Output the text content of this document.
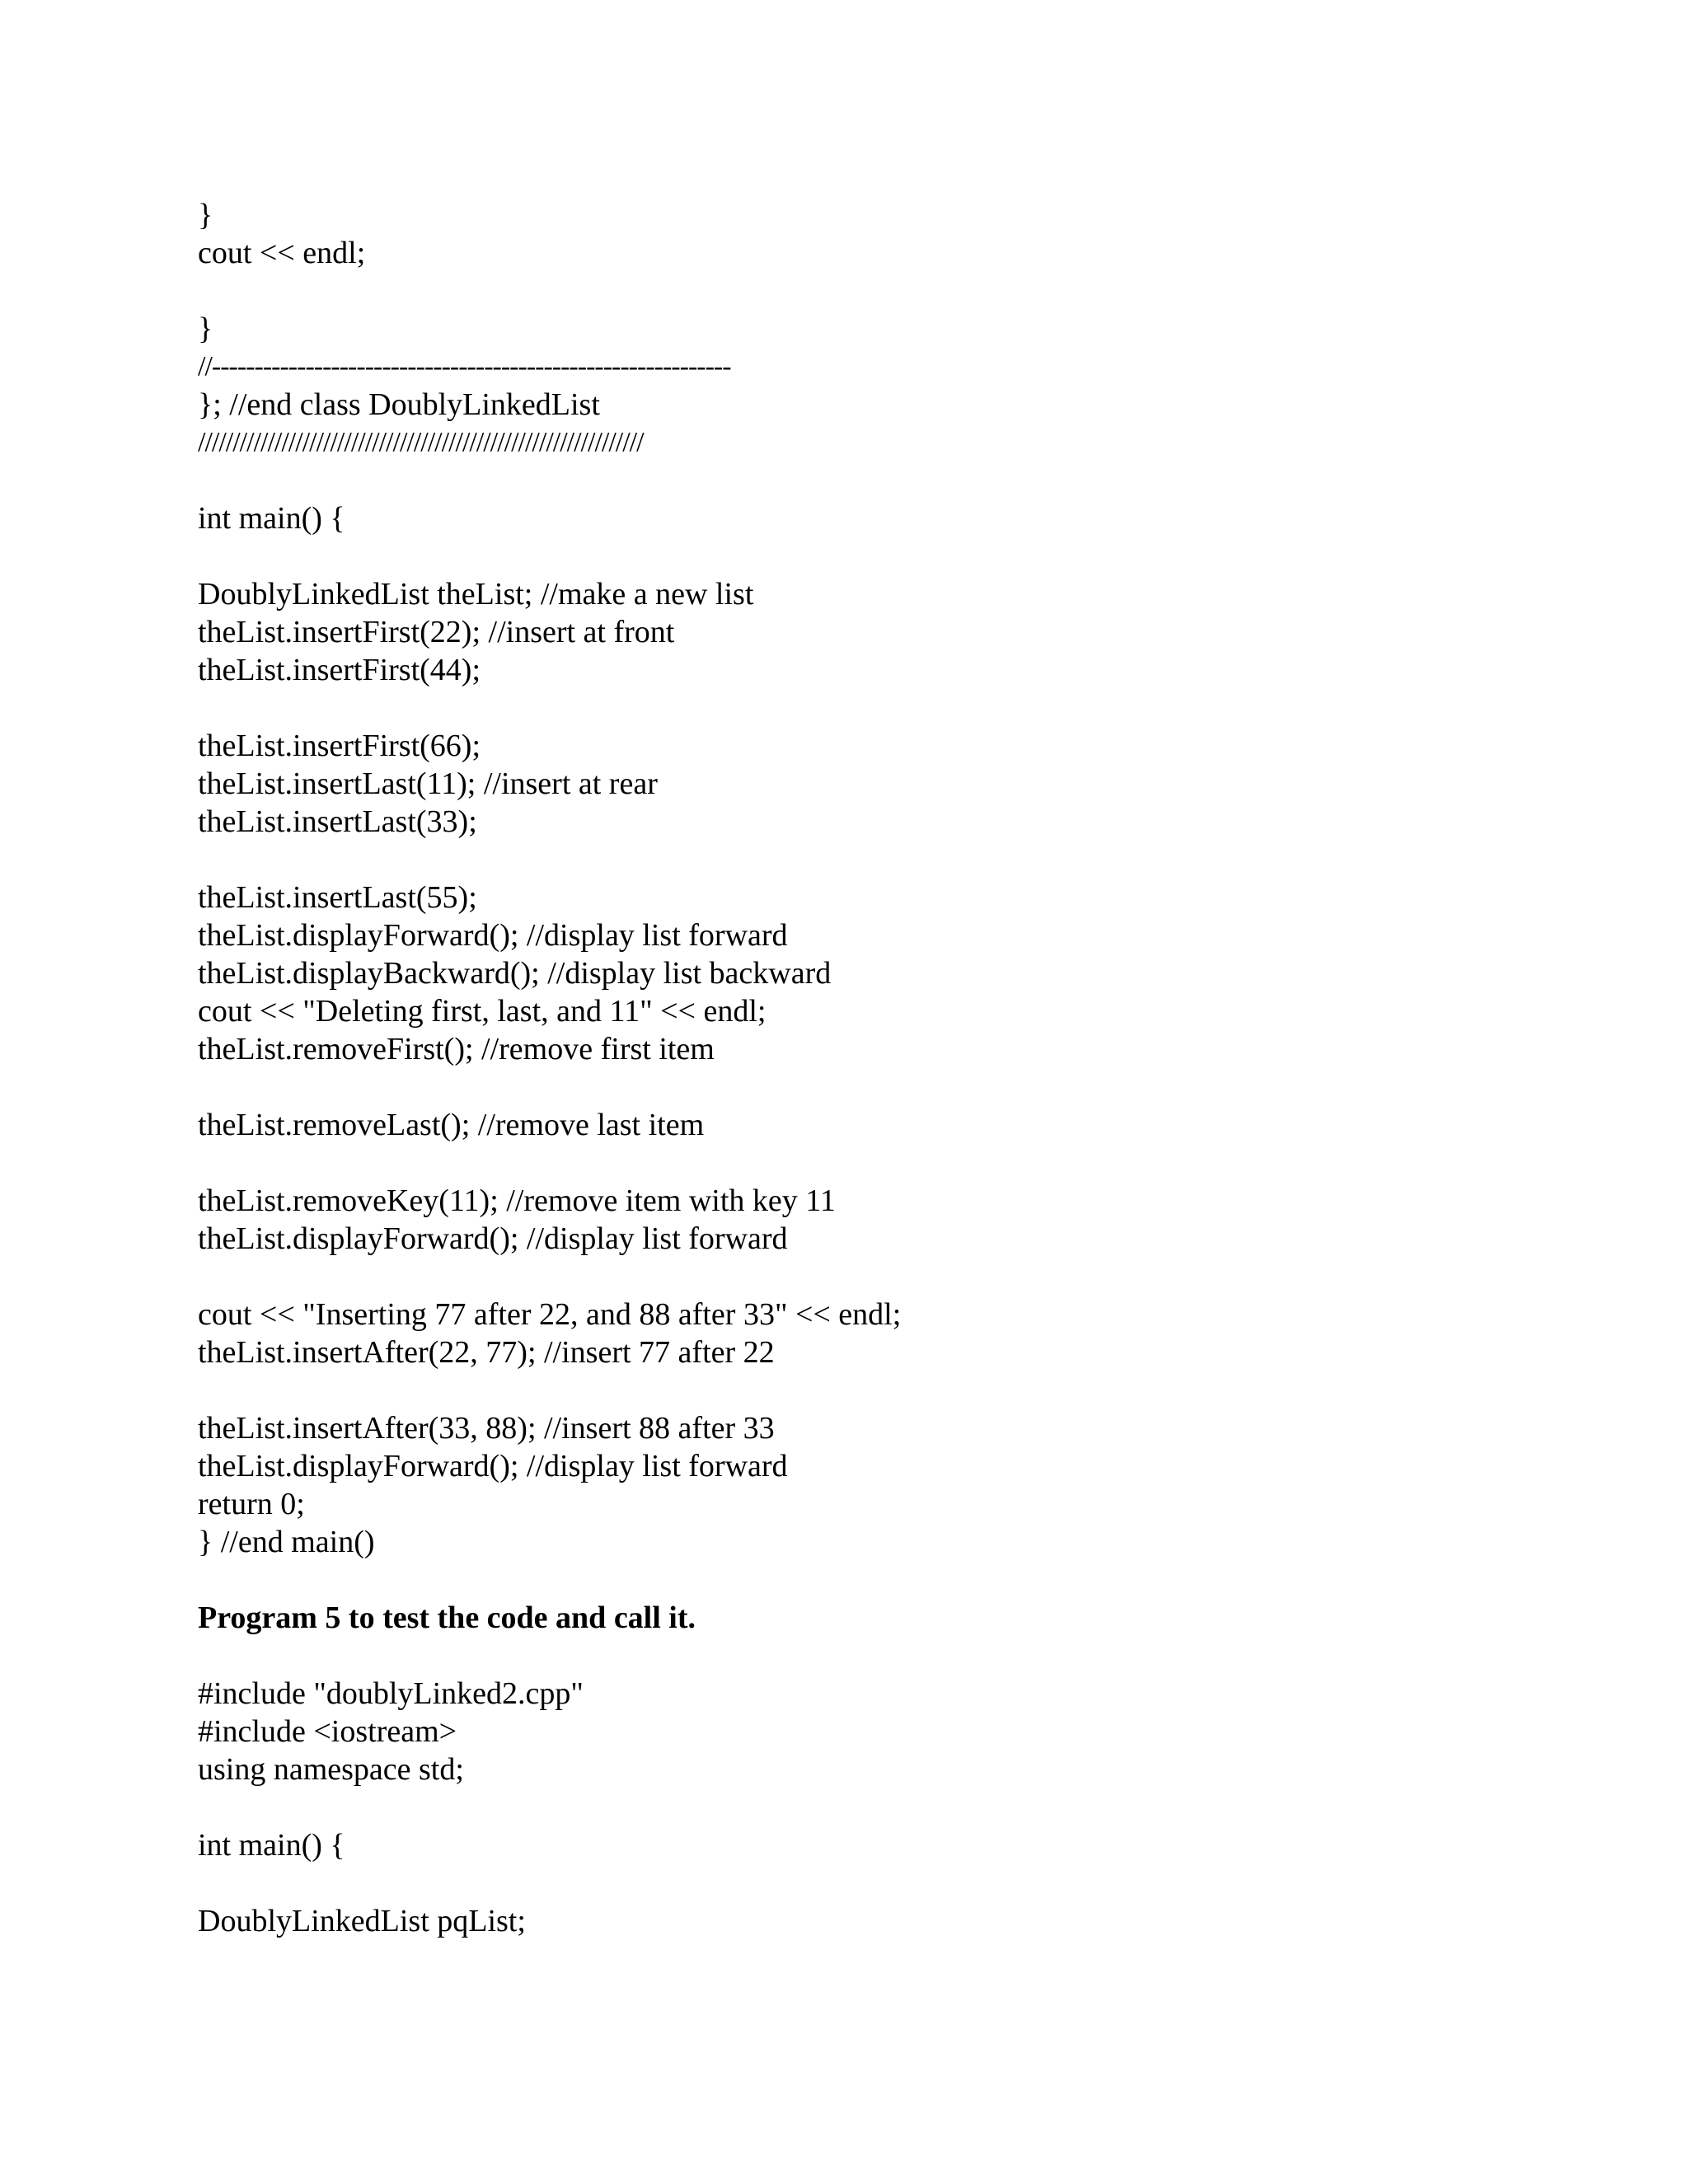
}
cout << endl;
}
//-------------------------------------------------------------
}; //end class DoublyLinkedList
////////////////////////////////////////////////////////////////
int main() {
DoublyLinkedList theList; //make a new list
theList.insertFirst(22); //insert at front
theList.insertFirst(44);
theList.insertFirst(66);
theList.insertLast(11); //insert at rear
theList.insertLast(33);
theList.insertLast(55);
theList.displayForward(); //display list forward
theList.displayBackward(); //display list backward
cout << "Deleting first, last, and 11" << endl;
theList.removeFirst(); //remove first item
theList.removeLast(); //remove last item
theList.removeKey(11); //remove item with key 11
theList.displayForward(); //display list forward
cout << "Inserting 77 after 22, and 88 after 33" << endl;
theList.insertAfter(22, 77); //insert 77 after 22
theList.insertAfter(33, 88); //insert 88 after 33
theList.displayForward(); //display list forward
return 0;
} //end main()
Program 5 to test the code and call it.
#include "doublyLinked2.cpp"
#include <iostream>
using namespace std;
int main() {
DoublyLinkedList pqList;
